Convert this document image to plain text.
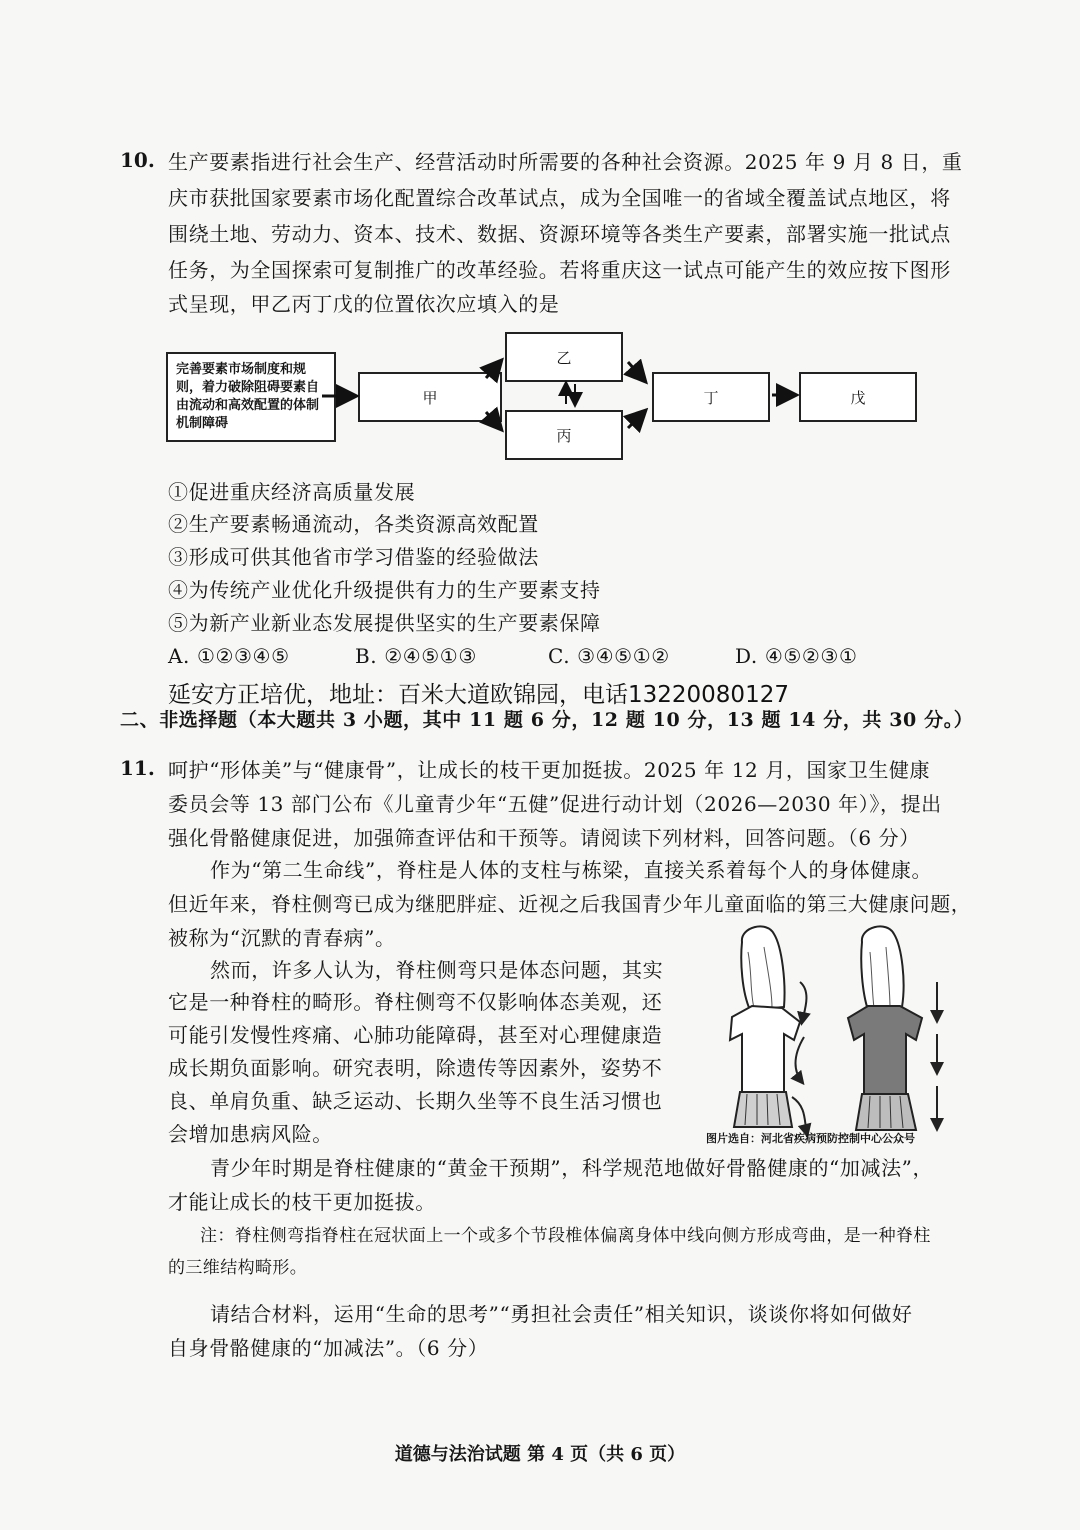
10. 生产要素指进行社会生产、经营活动时所需要的各种社会资源。2025 年 9 月 8 日，重
庆市获批国家要素市场化配置综合改革试点，成为全国唯一的省域全覆盖试点地区，将
围绕土地、劳动力、资本、技术、数据、资源环境等各类生产要素，部署实施一批试点
任务，为全国探索可复制推广的改革经验。若将重庆这一试点可能产生的效应按下图形
式呈现，甲乙丙丁戊的位置依次应填入的是
完善要素市场制度和规则，着力破除阻碍要素自由流动和高效配置的体制机制障碍
甲
乙
丙
丁	戊
①促进重庆经济高质量发展
②生产要素畅通流动，各类资源高效配置
③形成可供其他省市学习借鉴的经验做法
④为传统产业优化升级提供有力的生产要素支持
⑤为新产业新业态发展提供坚实的生产要素保障
A. ①②③④⑤	B. ②④⑤①③	C. ③④⑤①②	D. ④⑤②③①
延安方正培优，地址：百米大道欧锦园，电话13220080127
二、非选择题（本大题共 3 小题，其中 11 题 6 分，12 题 10 分，13 题 14 分，共 30 分。）
11. 呵护“形体美”与“健康骨”，让成长的枝干更加挺拔。2025 年 12 月，国家卫生健康
委员会等 13 部门公布《儿童青少年“五健”促进行动计划（2026—2030 年）》，提出
强化骨骼健康促进，加强筛查评估和干预等。请阅读下列材料，回答问题。（6 分）
作为“第二生命线”，脊柱是人体的支柱与栋梁，直接关系着每个人的身体健康。
但近年来，脊柱侧弯已成为继肥胖症、近视之后我国青少年儿童面临的第三大健康问题，
被称为“沉默的青春病”。
然而，许多人认为，脊柱侧弯只是体态问题，其实
它是一种脊柱的畸形。脊柱侧弯不仅影响体态美观，还
可能引发慢性疼痛、心肺功能障碍，甚至对心理健康造
成长期负面影响。研究表明，除遗传等因素外，姿势不
良、单肩负重、缺乏运动、长期久坐等不良生活习惯也
会增加患病风险。	图片选自：河北省疾病预防控制中心公众号
青少年时期是脊柱健康的“黄金干预期”，科学规范地做好骨骼健康的“加减法”，
才能让成长的枝干更加挺拔。
注：脊柱侧弯指脊柱在冠状面上一个或多个节段椎体偏离身体中线向侧方形成弯曲，是一种脊柱
的三维结构畸形。
请结合材料，运用“生命的思考”“勇担社会责任”相关知识，谈谈你将如何做好
自身骨骼健康的“加减法”。（6 分）
道德与法治试题 第 4 页（共 6 页）
